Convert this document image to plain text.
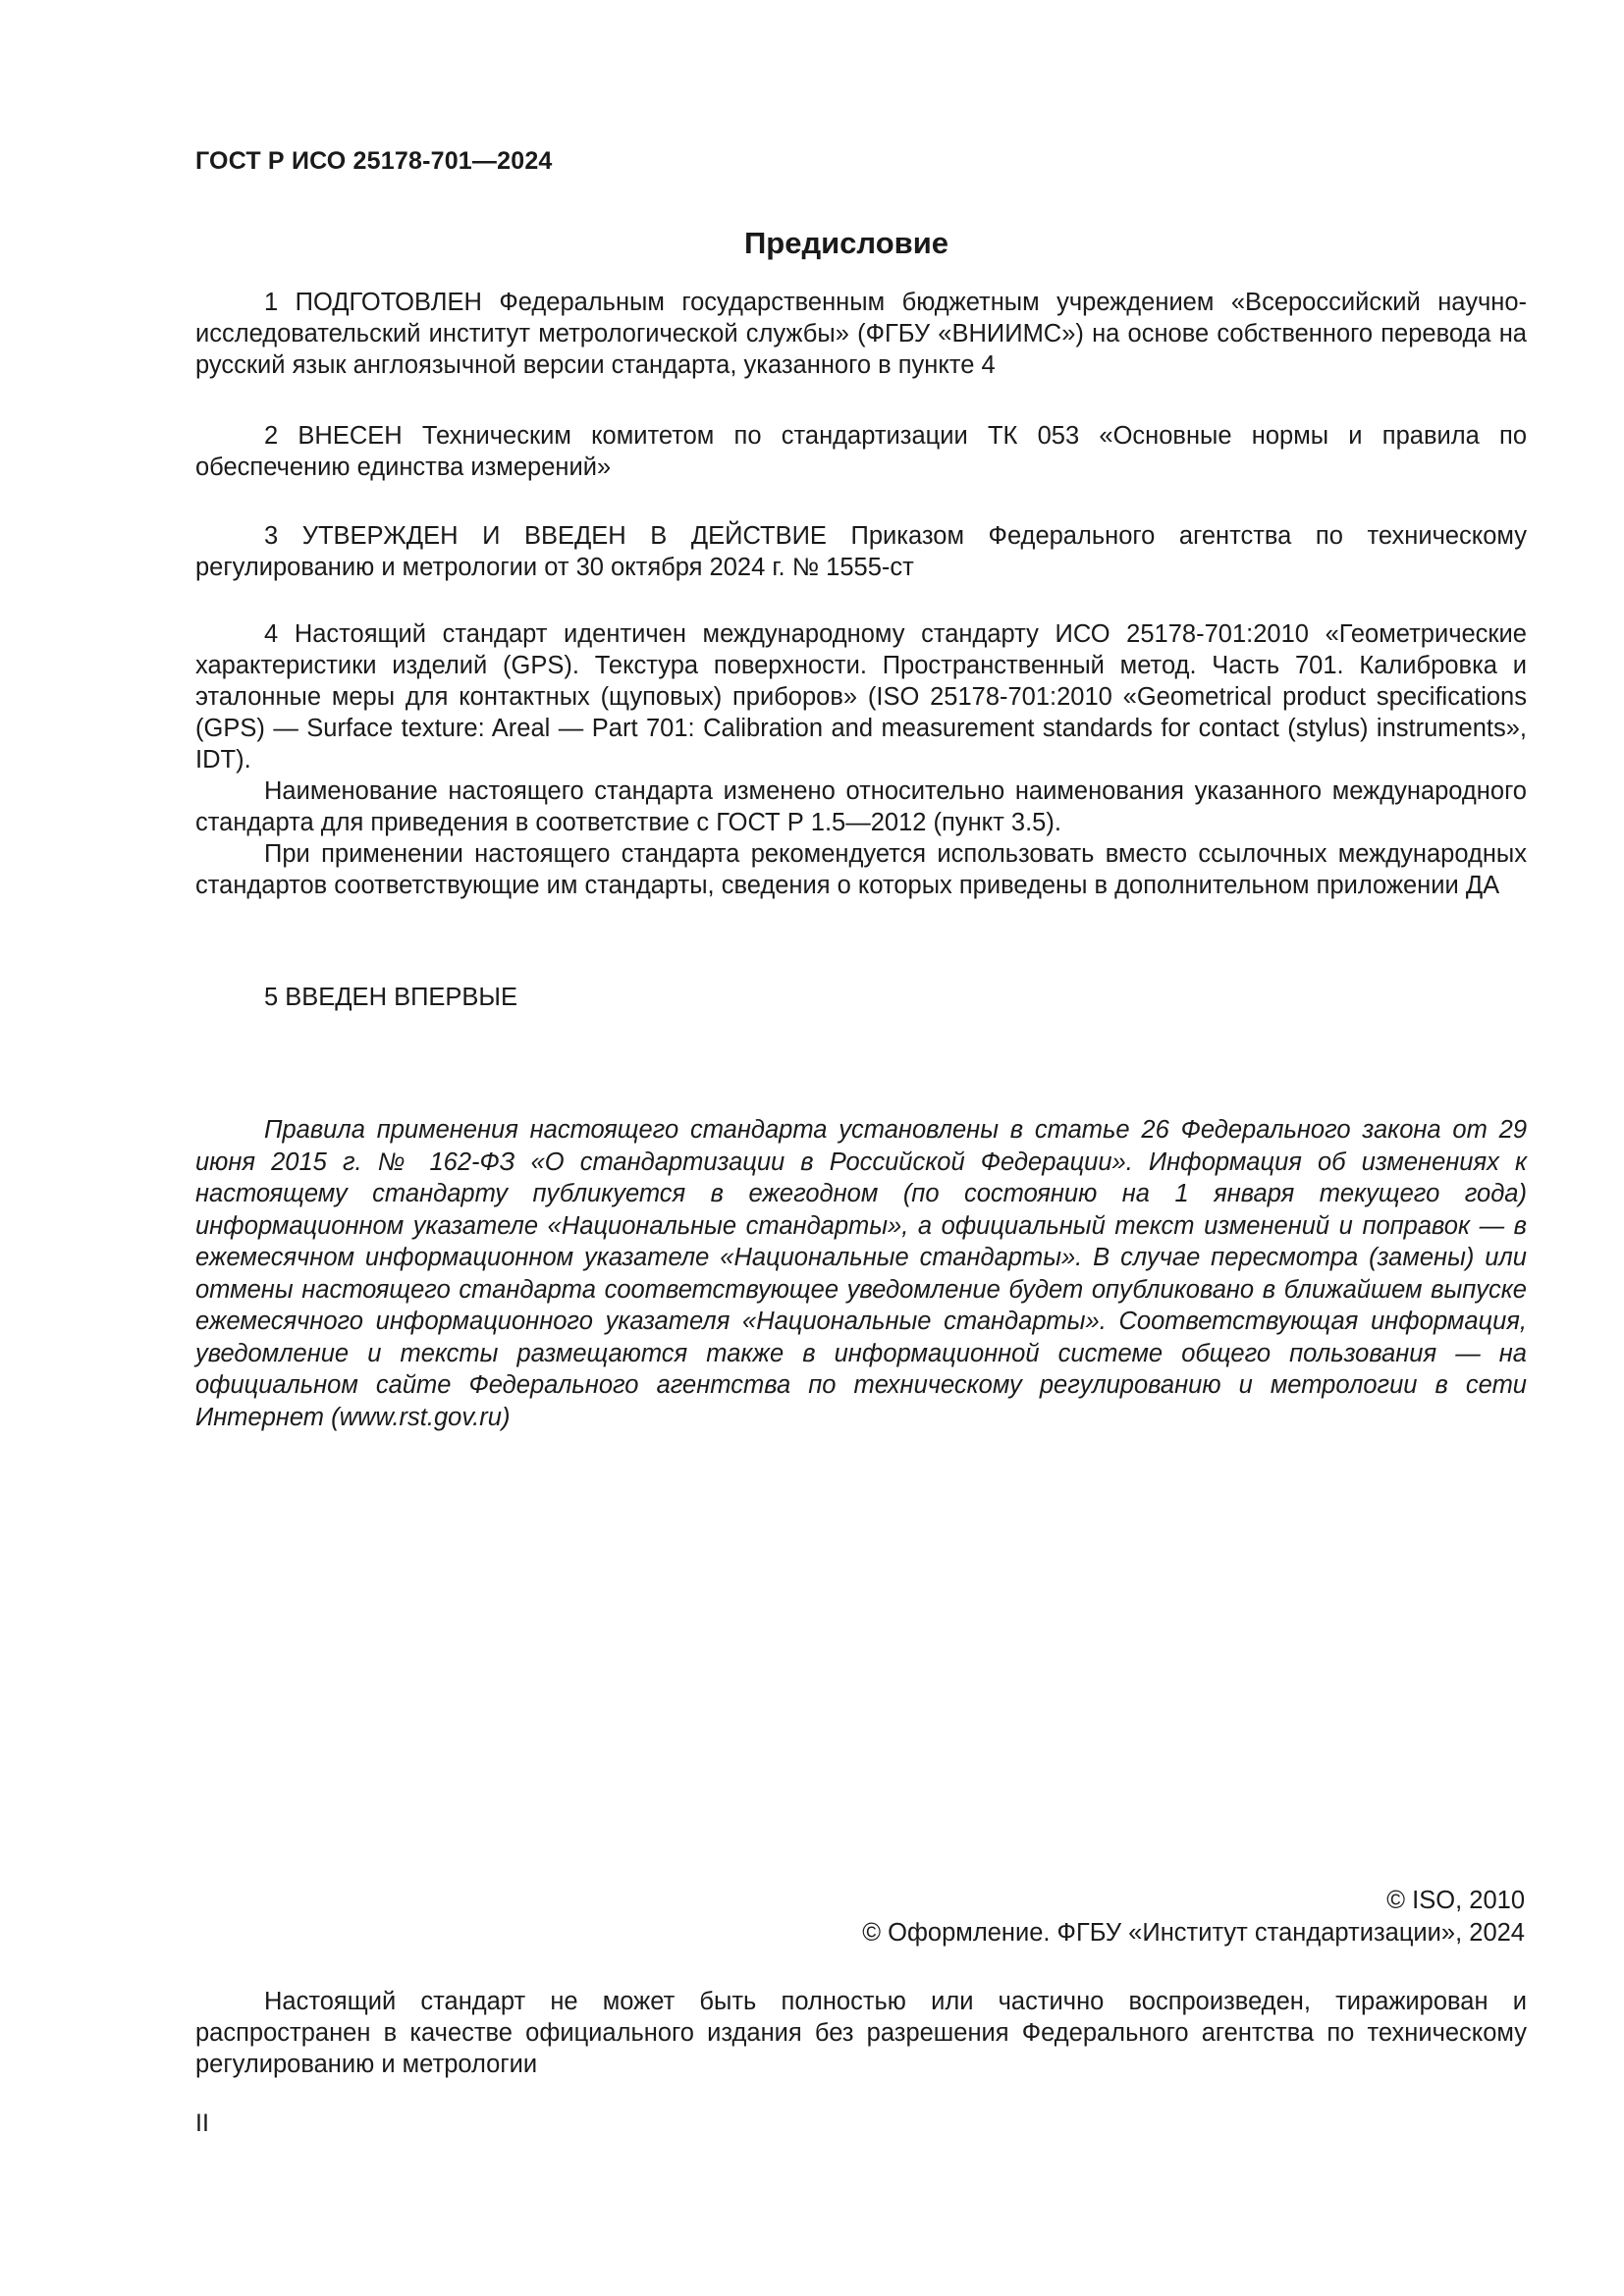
ГОСТ Р ИСО 25178-701—2024
Предисловие

1 ПОДГОТОВЛЕН Федеральным государственным бюджетным учреждением «Всероссийский научно-исследовательский институт метрологической службы» (ФГБУ «ВНИИМС») на основе собственного перевода на русский язык англоязычной версии стандарта, указанного в пункте 4

2 ВНЕСЕН Техническим комитетом по стандартизации ТК 053 «Основные нормы и правила по обеспечению единства измерений»

3 УТВЕРЖДЕН И ВВЕДЕН В ДЕЙСТВИЕ Приказом Федерального агентства по техническому регулированию и метрологии от 30 октября 2024 г. № 1555-ст

4 Настоящий стандарт идентичен международному стандарту ИСО 25178-701:2010 «Геометрические характеристики изделий (GPS). Текстура поверхности. Пространственный метод. Часть 701. Калибровка и эталонные меры для контактных (щуповых) приборов» (ISO 25178-701:2010 «Geometrical product specifications (GPS) — Surface texture: Areal — Part 701: Calibration and measurement standards for contact (stylus) instruments», IDT).

Наименование настоящего стандарта изменено относительно наименования указанного международного стандарта для приведения в соответствие с ГОСТ Р 1.5—2012 (пункт 3.5).

При применении настоящего стандарта рекомендуется использовать вместо ссылочных международных стандартов соответствующие им стандарты, сведения о которых приведены в дополнительном приложении ДА

5 ВВЕДЕН ВПЕРВЫЕ

Правила применения настоящего стандарта установлены в статье 26 Федерального закона от 29 июня 2015 г. № 162-ФЗ «О стандартизации в Российской Федерации». Информация об изменениях к настоящему стандарту публикуется в ежегодном (по состоянию на 1 января текущего года) информационном указателе «Национальные стандарты», а официальный текст изменений и поправок — в ежемесячном информационном указателе «Национальные стандарты». В случае пересмотра (замены) или отмены настоящего стандарта соответствующее уведомление будет опубликовано в ближайшем выпуске ежемесячного информационного указателя «Национальные стандарты». Соответствующая информация, уведомление и тексты размещаются также в информационной системе общего пользования — на официальном сайте Федерального агентства по техническому регулированию и метрологии в сети Интернет (www.rst.gov.ru)

© ISO, 2010
© Оформление. ФГБУ «Институт стандартизации», 2024

Настоящий стандарт не может быть полностью или частично воспроизведен, тиражирован и распространен в качестве официального издания без разрешения Федерального агентства по техническому регулированию и метрологии

II
